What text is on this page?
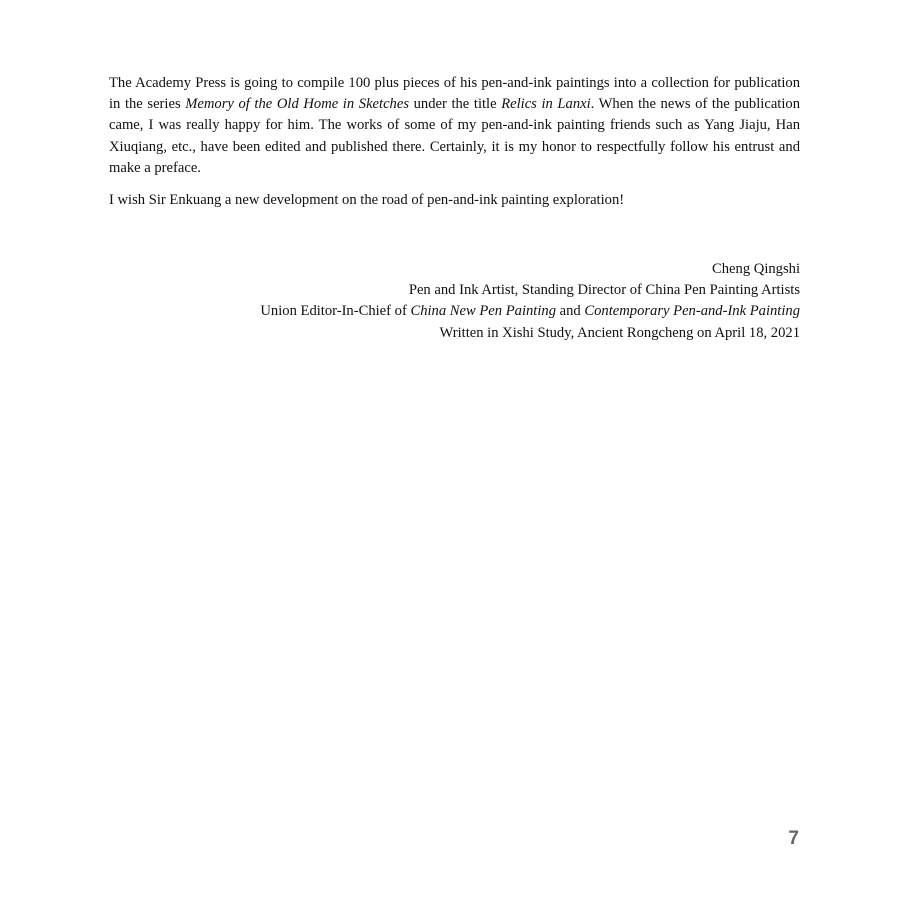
The Academy Press is going to compile 100 plus pieces of his pen-and-ink paintings into a collection for publication in the series Memory of the Old Home in Sketches under the title Relics in Lanxi. When the news of the publication came, I was really happy for him. The works of some of my pen-and-ink painting friends such as Yang Jiaju, Han Xiuqiang, etc., have been edited and published there. Certainly, it is my honor to respectfully follow his entrust and make a preface.

I wish Sir Enkuang a new development on the road of pen-and-ink painting exploration!

Cheng Qingshi
Pen and Ink Artist, Standing Director of China Pen Painting Artists
Union Editor-In-Chief of China New Pen Painting and Contemporary Pen-and-Ink Painting
Written in Xishi Study, Ancient Rongcheng on April 18, 2021
7
